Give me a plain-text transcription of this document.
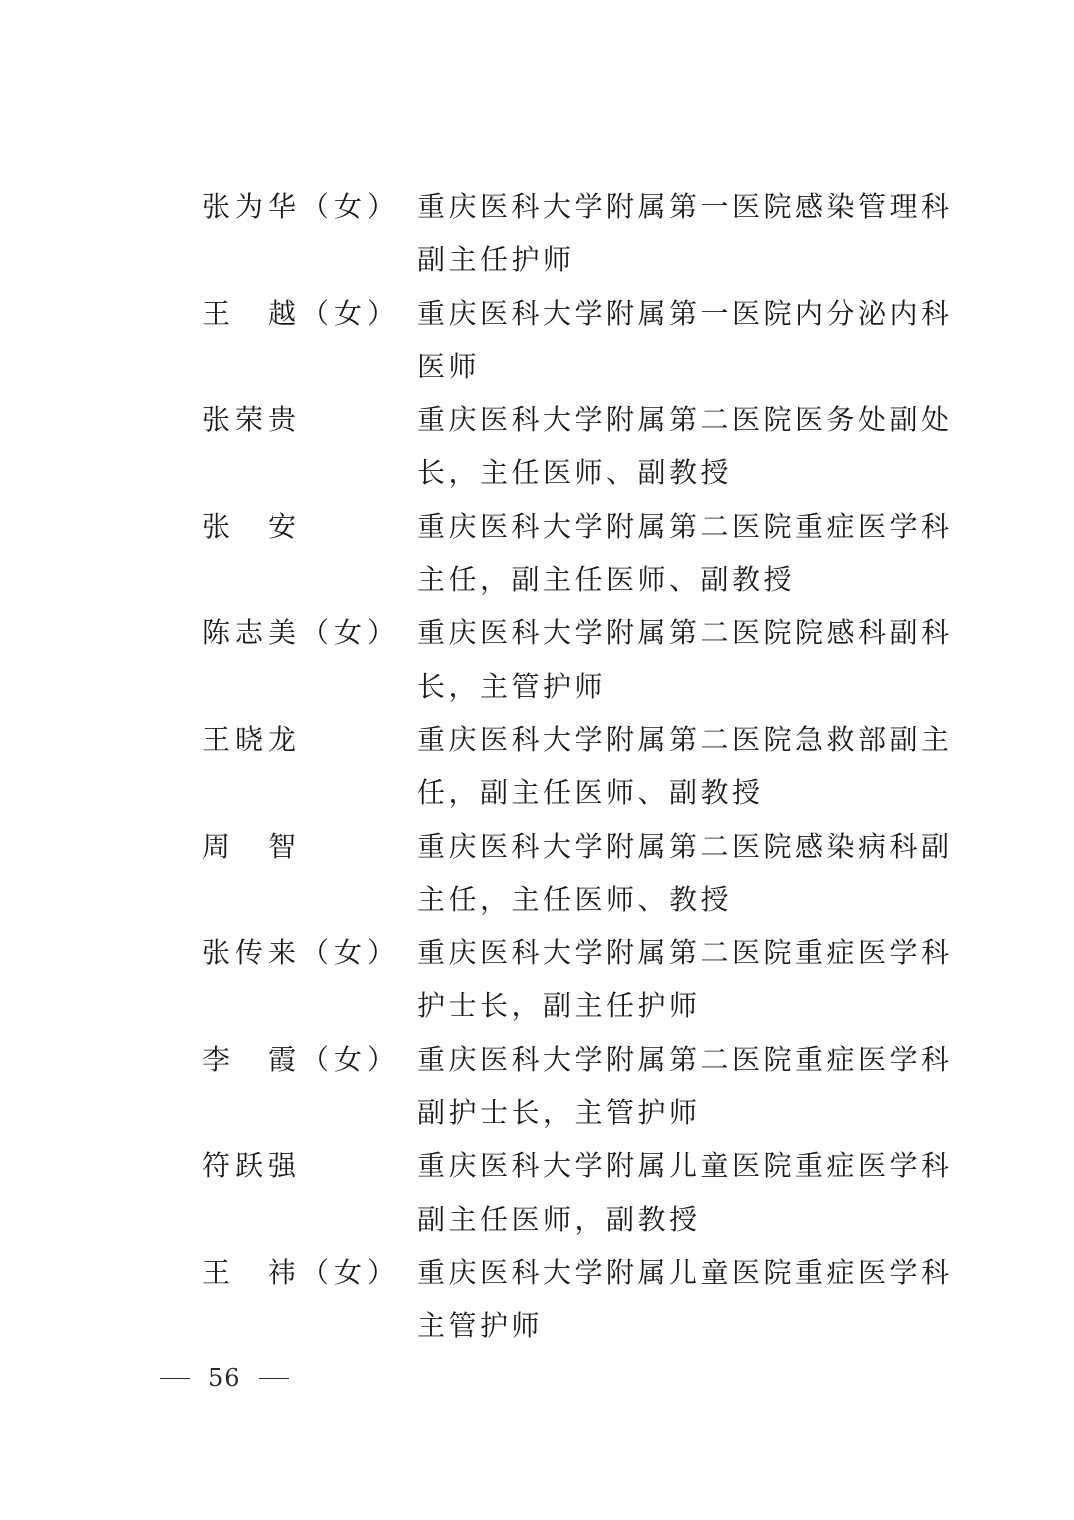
张为华（女） 重庆医科大学附属第一医院感染管理科
副主任护师
王　越（女） 重庆医科大学附属第一医院内分泌内科
医师
张荣贵	重庆医科大学附属第二医院医务处副处
长，主任医师、副教授
张　安	重庆医科大学附属第二医院重症医学科
主任，副主任医师、副教授
陈志美（女） 重庆医科大学附属第二医院院感科副科
长，主管护师
王晓龙	重庆医科大学附属第二医院急救部副主
任，副主任医师、副教授
周　智	重庆医科大学附属第二医院感染病科副
主任，主任医师、教授
张传来（女） 重庆医科大学附属第二医院重症医学科
护士长，副主任护师
李　霞（女） 重庆医科大学附属第二医院重症医学科
副护士长，主管护师
符跃强	重庆医科大学附属儿童医院重症医学科
副主任医师，副教授
王　祎（女） 重庆医科大学附属儿童医院重症医学科
主管护师
56
